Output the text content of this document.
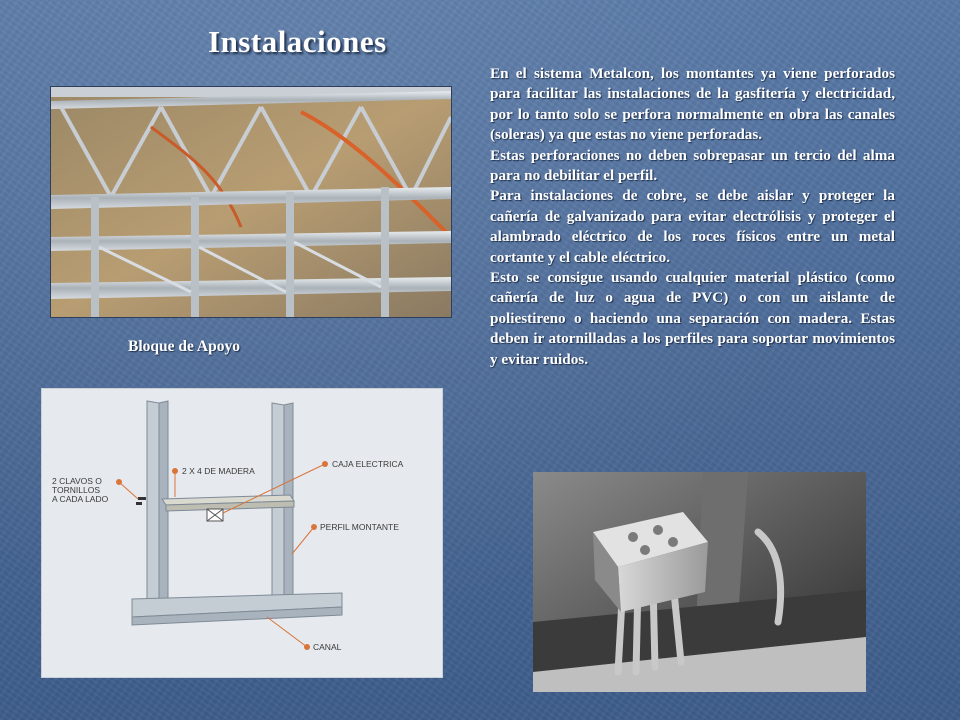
Instalaciones

En el sistema Metalcon, los montantes ya viene perforados para facilitar las instalaciones de la gasfitería y electricidad, por lo tanto solo se perfora normalmente en obra las canales (soleras) ya que estas no viene perforadas.

Estas perforaciones no deben sobrepasar un tercio del alma para no debilitar el perfil.

Para instalaciones de cobre, se debe aislar y proteger la cañería de galvanizado para evitar electrólisis y proteger el alambrado eléctrico de los roces físicos entre un metal cortante y el cable eléctrico.

Esto se consigue usando cualquier material plástico (como cañería de luz o agua de PVC) o con un aislante de poliestireno o haciendo una separación con madera. Estas deben ir atornilladas a los perfiles para soportar movimientos y evitar ruidos.

Bloque de Apoyo
2 CLAVOS O
TORNILLOS
A CADA LADO
2 X 4 DE MADERA
CAJA ELECTRICA
PERFIL MONTANTE
CANAL
